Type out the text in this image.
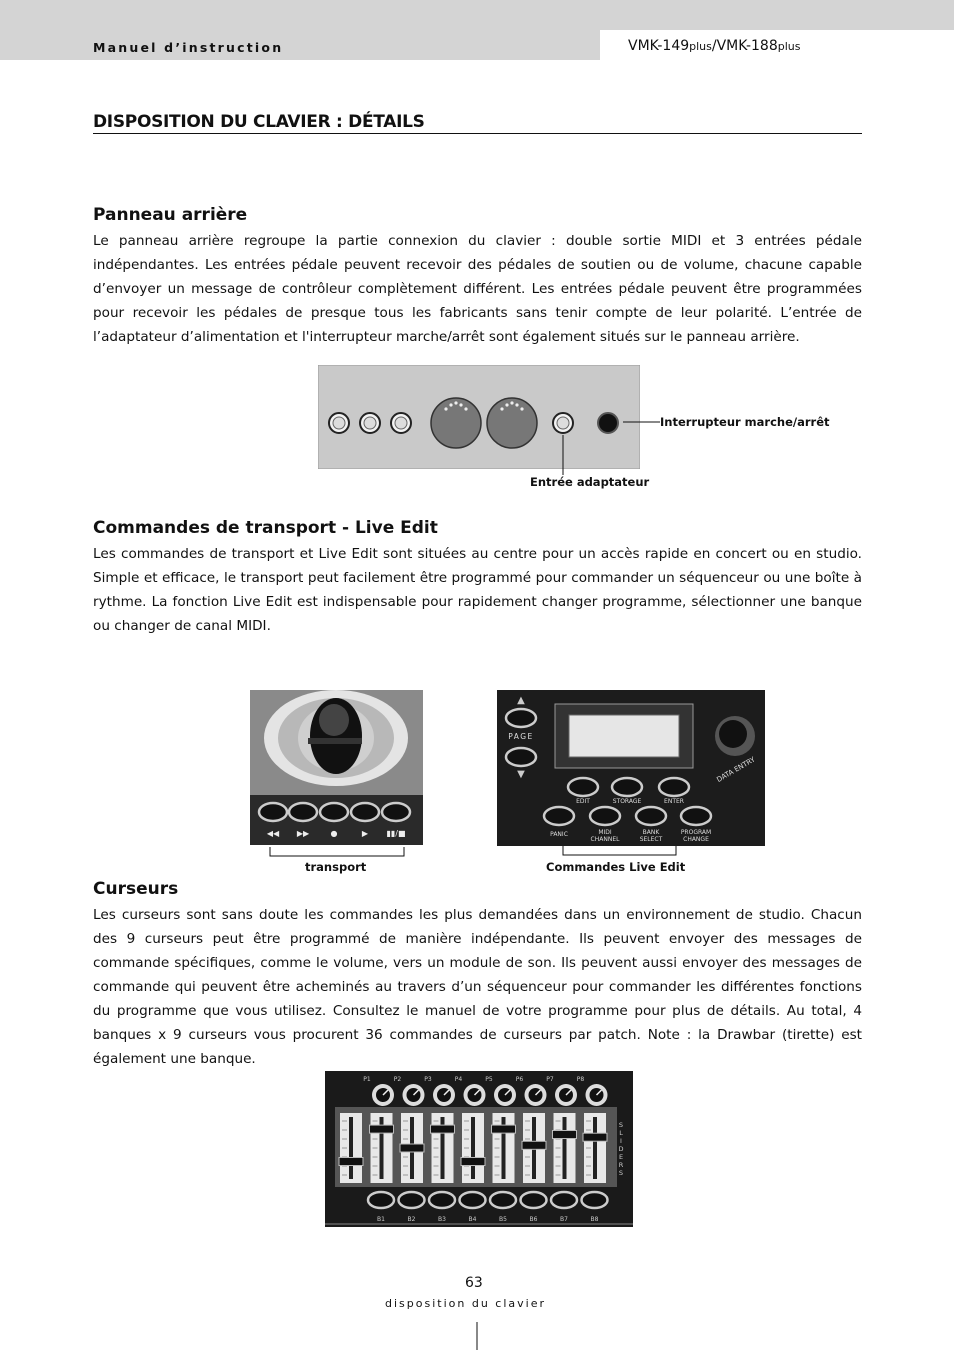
Manuel d’instruction	VMK-149plus/VMK-188plus
DISPOSITION DU CLAVIER : DÉTAILS
Panneau arrière
Le panneau arrière regroupe la partie connexion du clavier : double sortie MIDI et 3 entrées pédale indépendantes. Les entrées pédale peuvent recevoir des pédales de soutien ou de volume, chacune capable d’envoyer un message de contrôleur complètement différent. Les entrées pédale peuvent être programmées pour recevoir les pédales de presque tous les fabricants sans tenir compte de leur polarité. L’entrée de l’adaptateur d’alimentation et l'interrupteur marche/arrêt sont également situés sur le panneau arrière.
Interrupteur marche/arrêt
Entrée adaptateur
Commandes de transport - Live Edit
Les commandes de transport et Live Edit sont situées au centre pour un accès rapide en concert ou en studio. Simple et efficace, le transport peut facilement être programmé pour commander un séquenceur ou une boîte à rythme. La fonction Live Edit est indispensable pour rapidement changer programme, sélectionner une banque ou changer de canal MIDI.
◀◀ ▶▶	●	▶ ▮▮/■
transport
▲
PAGE
▼	DATA ENTRY
EDIT	STORAGE	ENTER
PANIC	MIDI
CHANNEL
BANK
SELECT
PROGRAM
CHANGE
Commandes Live Edit
Curseurs
Les curseurs sont sans doute les commandes les plus demandées dans un environnement de studio. Chacun des 9 curseurs peut être programmé de manière indépendante. Ils peuvent envoyer des messages de commande spécifiques, comme le volume, vers un module de son. Ils peuvent aussi envoyer des messages de commande qui peuvent être acheminés au travers d’un séquenceur pour commander les différentes fonctions du programme que vous utilisez. Consultez le manuel de votre programme pour plus de détails. Au total, 4 banques x 9 curseurs vous procurent 36 commandes de curseurs par patch. Note : la Drawbar (tirette) est également une banque.
P1	P2	P3	P4	P5	P6	P7	P8
B1	B2	B3	B4	B5	B6	B7	B8
S L I D E R S
63
disposition du clavier
